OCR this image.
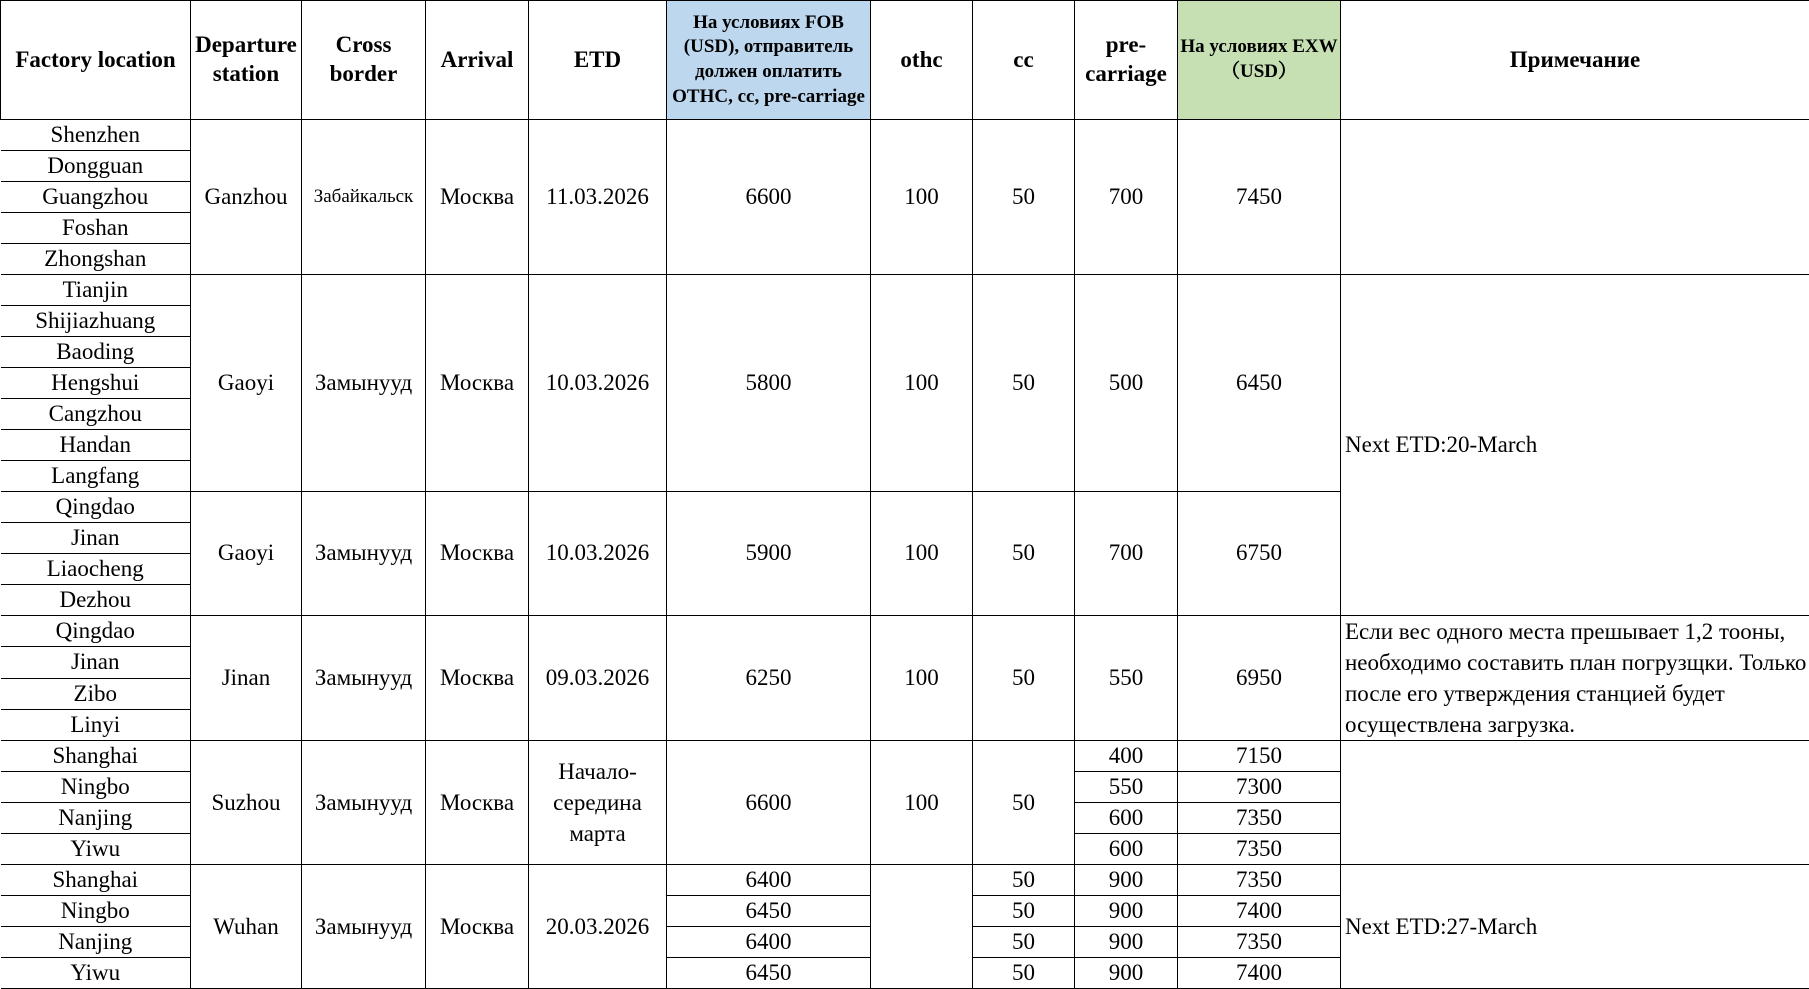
Factory location	Departure station	Cross border	Arrival	ETD	На условиях FOB (USD), отправитель должен оплатить OTHC, cc, pre-carriage	othc	cc	pre-carriage	На условиях EXW（USD）	Примечание
Shenzhen	Ganzhou	Забайкальск	Москва	11.03.2026	6600	100	50	700	7450	
Dongguan										
Guangzhou										
Foshan										
Zhongshan										
Tianjin	Gaoyi	Замынууд	Москва	10.03.2026	5800	100	50	500	6450	Next ETD:20-March
Shijiazhuang										
Baoding										
Hengshui										
Cangzhou										
Handan										
Langfang										
Qingdao	Gaoyi	Замынууд	Москва	10.03.2026	5900	100	50	700	6750	
Jinan										
Liaocheng										
Dezhou										
Qingdao	Jinan	Замынууд	Москва	09.03.2026	6250	100	50	550	6950	Если вес одного места прешывает 1,2 тооны, необходимо составить план погрузщки. Только после его утверждения станцией будет осуществлена загрузка.
Jinan										
Zibo										
Linyi										
Shanghai	Suzhou	Замынууд	Москва	Начало-середина марта	6600	100	50	400	7150	
Ningbo								550	7300	
Nanjing								600	7350	
Yiwu								600	7350	
Shanghai	Wuhan	Замынууд	Москва	20.03.2026	6400		50	900	7350	Next ETD:27-March
Ningbo					6450		50	900	7400	
Nanjing					6400		50	900	7350	
Yiwu					6450		50	900	7400	
